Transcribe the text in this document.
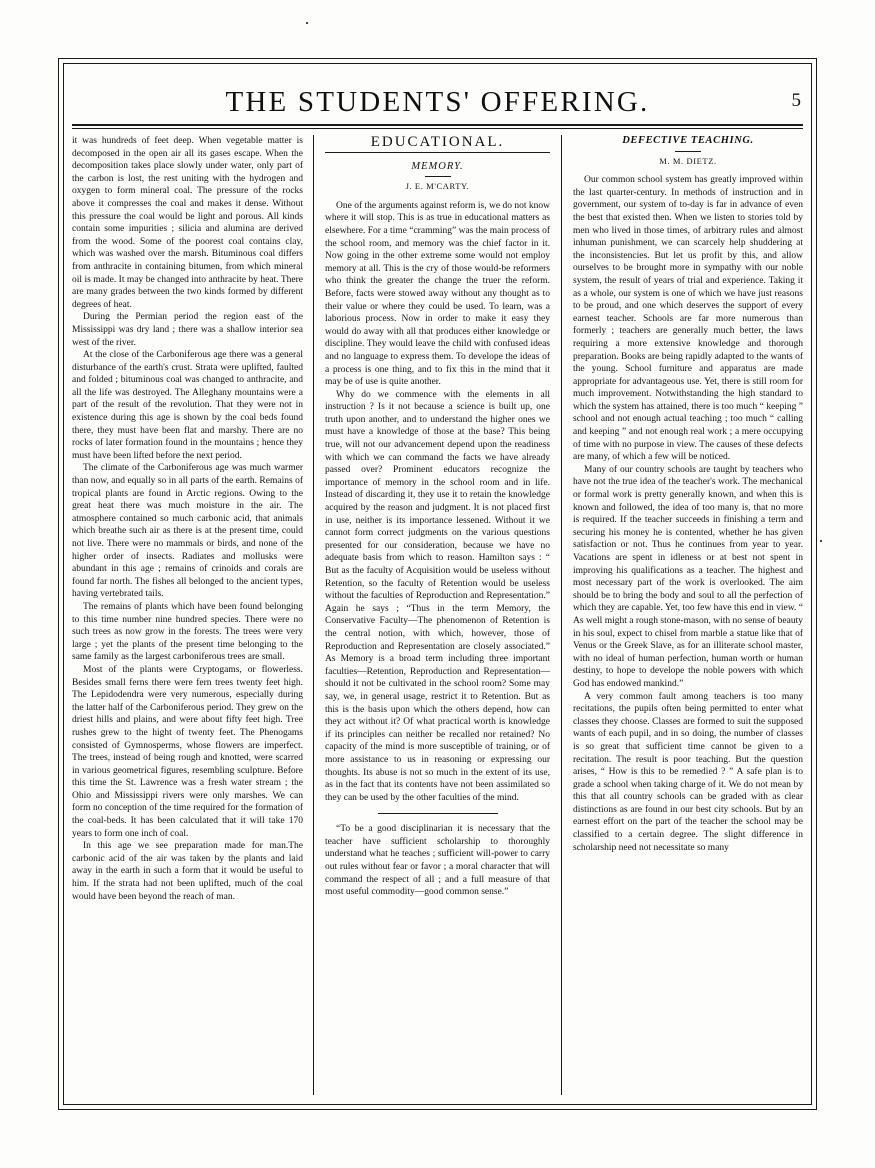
THE STUDENTS' OFFERING.	5

it was hundreds of feet deep. When vegetable matter is decomposed in the open air all its gases escape. When the decomposition takes place slowly under water, only part of the carbon is lost, the rest uniting with the hydrogen and oxygen to form mineral coal. The pressure of the rocks above it compresses the coal and makes it dense. Without this pressure the coal would be light and porous. All kinds contain some impurities ; silicia and alumina are derived from the wood. Some of the poorest coal contains clay, which was washed over the marsh. Bituminous coal differs from anthracite in containing bitumen, from which mineral oil is made. It may be changed into anthracite by heat. There are many grades between the two kinds formed by different degrees of heat.

During the Permian period the region east of the Mississippi was dry land ; there was a shallow interior sea west of the river.

At the close of the Carboniferous age there was a general disturbance of the earth's crust. Strata were uplifted, faulted and folded ; bituminous coal was changed to anthracite, and all the life was destroyed. The Alleghany mountains were a part of the result of the revolution. That they were not in existence during this age is shown by the coal beds found there, they must have been flat and marshy. There are no rocks of later formation found in the mountains ; hence they must have been lifted before the next period.

The climate of the Carboniferous age was much warmer than now, and equally so in all parts of the earth. Remains of tropical plants are found in Arctic regions. Owing to the great heat there was much moisture in the air. The atmosphere contained so much carbonic acid, that animals which breathe such air as there is at the present time, could not live. There were no mammals or birds, and none of the higher order of insects. Radiates and mollusks were abundant in this age ; remains of crinoids and corals are found far north. The fishes all belonged to the ancient types, having vertebrated tails.

The remains of plants which have been found belonging to this time number nine hundred species. There were no such trees as now grow in the forests. The trees were very large ; yet the plants of the present time belonging to the same family as the largest carboniferous trees are small.

Most of the plants were Cryptogams, or flowerless. Besides small ferns there were fern trees twenty feet high. The Lepidodendra were very numerous, especially during the latter half of the Carboniferous period. They grew on the driest hills and plains, and were about fifty feet high. Tree rushes grew to the hight of twenty feet. The Phenogams consisted of Gymnosperms, whose flowers are imperfect. The trees, instead of being rough and knotted, were scarred in various geometrical figures, resembling sculpture. Before this time the St. Lawrence was a fresh water stream ; the Ohio and Mississippi rivers were only marshes. We can form no conception of the time required for the formation of the coal-beds. It has been calculated that it will take 170 years to form one inch of coal.

In this age we see preparation made for man.The carbonic acid of the air was taken by the plants and laid away in the earth in such a form that it would be useful to him. If the strata had not been uplifted, much of the coal would have been beyond the reach of man.

EDUCATIONAL.
MEMORY.
J. E. M'CARTY.

One of the arguments against reform is, we do not know where it will stop. This is as true in educational matters as elsewhere. For a time “cramming” was the main process of the school room, and memory was the chief factor in it. Now going in the other extreme some would not employ memory at all. This is the cry of those would-be reformers who think the greater the change the truer the reform. Before, facts were stowed away without any thought as to their value or where they could be used. To learn, was a laborious process. Now in order to make it easy they would do away with all that produces either knowledge or discipline. They would leave the child with confused ideas and no language to express them. To develope the ideas of a process is one thing, and to fix this in the mind that it may be of use is quite another.

Why do we commence with the elements in all instruction ? Is it not because a science is built up, one truth upon another, and to understand the higher ones we must have a knowledge of those at the base? This being true, will not our advancement depend upon the readiness with which we can command the facts we have already passed over? Prominent educators recognize the importance of memory in the school room and in life. Instead of discarding it, they use it to retain the knowledge acquired by the reason and judgment. It is not placed first in use, neither is its importance lessened. Without it we cannot form correct judgments on the various questions presented for our consideration, because we have no adequate basis from which to reason. Hamilton says : “ But as the faculty of Acquisition would be useless without Retention, so the faculty of Retention would be useless without the faculties of Reproduction and Representation.” Again he says ; “Thus in the term Memory, the Conservative Faculty—The phenomenon of Retention is the central notion, with which, however, those of Reproduction and Representation are closely associated.” As Memory is a broad term including three important faculties—Retention, Reproduction and Representation—should it not be cultivated in the school room? Some may say, we, in general usage, restrict it to Retention. But as this is the basis upon which the others depend, how can they act without it? Of what practical worth is knowledge if its principles can neither be recalled nor retained? No capacity of the mind is more susceptible of training, or of more assistance to us in reasoning or expressing our thoughts. Its abuse is not so much in the extent of its use, as in the fact that its contents have not been assimilated so they can be used by the other faculties of the mind.

“To be a good disciplinarian it is necessary that the teacher have sufficient scholarship to thoroughly understand what he teaches ; sufficient will-power to carry out rules without fear or favor ; a moral character that will command the respect of all ; and a full measure of that most useful commodity—good common sense.”

DEFECTIVE TEACHING.
M. M. DIETZ.

Our common school system has greatly improved within the last quarter-century. In methods of instruction and in government, our system of to-day is far in advance of even the best that existed then. When we listen to stories told by men who lived in those times, of arbitrary rules and almost inhuman punishment, we can scarcely help shuddering at the inconsistencies. But let us profit by this, and allow ourselves to be brought more in sympathy with our noble system, the result of years of trial and experience. Taking it as a whole, our system is one of which we have just reasons to be proud, and one which deserves the support of every earnest teacher. Schools are far more numerous than formerly ; teachers are generally much better, the laws requiring a more extensive knowledge and thorough preparation. Books are being rapidly adapted to the wants of the young. School furniture and apparatus are made appropriate for advantageous use. Yet, there is still room for much improvement. Notwithstanding the high standard to which the system has attained, there is too much “ keeping ” school and not enough actual teaching ; too much “ calling and keeping ” and not enough real work ; a mere occupying of time with no purpose in view. The causes of these defects are many, of which a few will be noticed.

Many of our country schools are taught by teachers who have not the true idea of the teacher's work. The mechanical or formal work is pretty generally known, and when this is known and followed, the idea of too many is, that no more is required. If the teacher succeeds in finishing a term and securing his money he is contented, whether he has given satisfaction or not. Thus he continues from year to year. Vacations are spent in idleness or at best not spent in improving his qualifications as a teacher. The highest and most necessary part of the work is overlooked. The aim should be to bring the body and soul to all the perfection of which they are capable. Yet, too few have this end in view. “ As well might a rough stone-mason, with no sense of beauty in his soul, expect to chisel from marble a statue like that of Venus or the Greek Slave, as for an illiterate school master, with no ideal of human perfection, human worth or human destiny, to hope to develope the noble powers with which God has endowed mankind.”

A very common fault among teachers is too many recitations, the pupils often being permitted to enter what classes they choose. Classes are formed to suit the supposed wants of each pupil, and in so doing, the number of classes is so great that sufficient time cannot be given to a recitation. The result is poor teaching. But the question arises, “ How is this to be remedied ? ” A safe plan is to grade a school when taking charge of it. We do not mean by this that all country schools can be graded with as clear distinctions as are found in our best city schools. But by an earnest effort on the part of the teacher the school may be classified to a certain degree. The slight difference in scholarship need not necessitate so many
